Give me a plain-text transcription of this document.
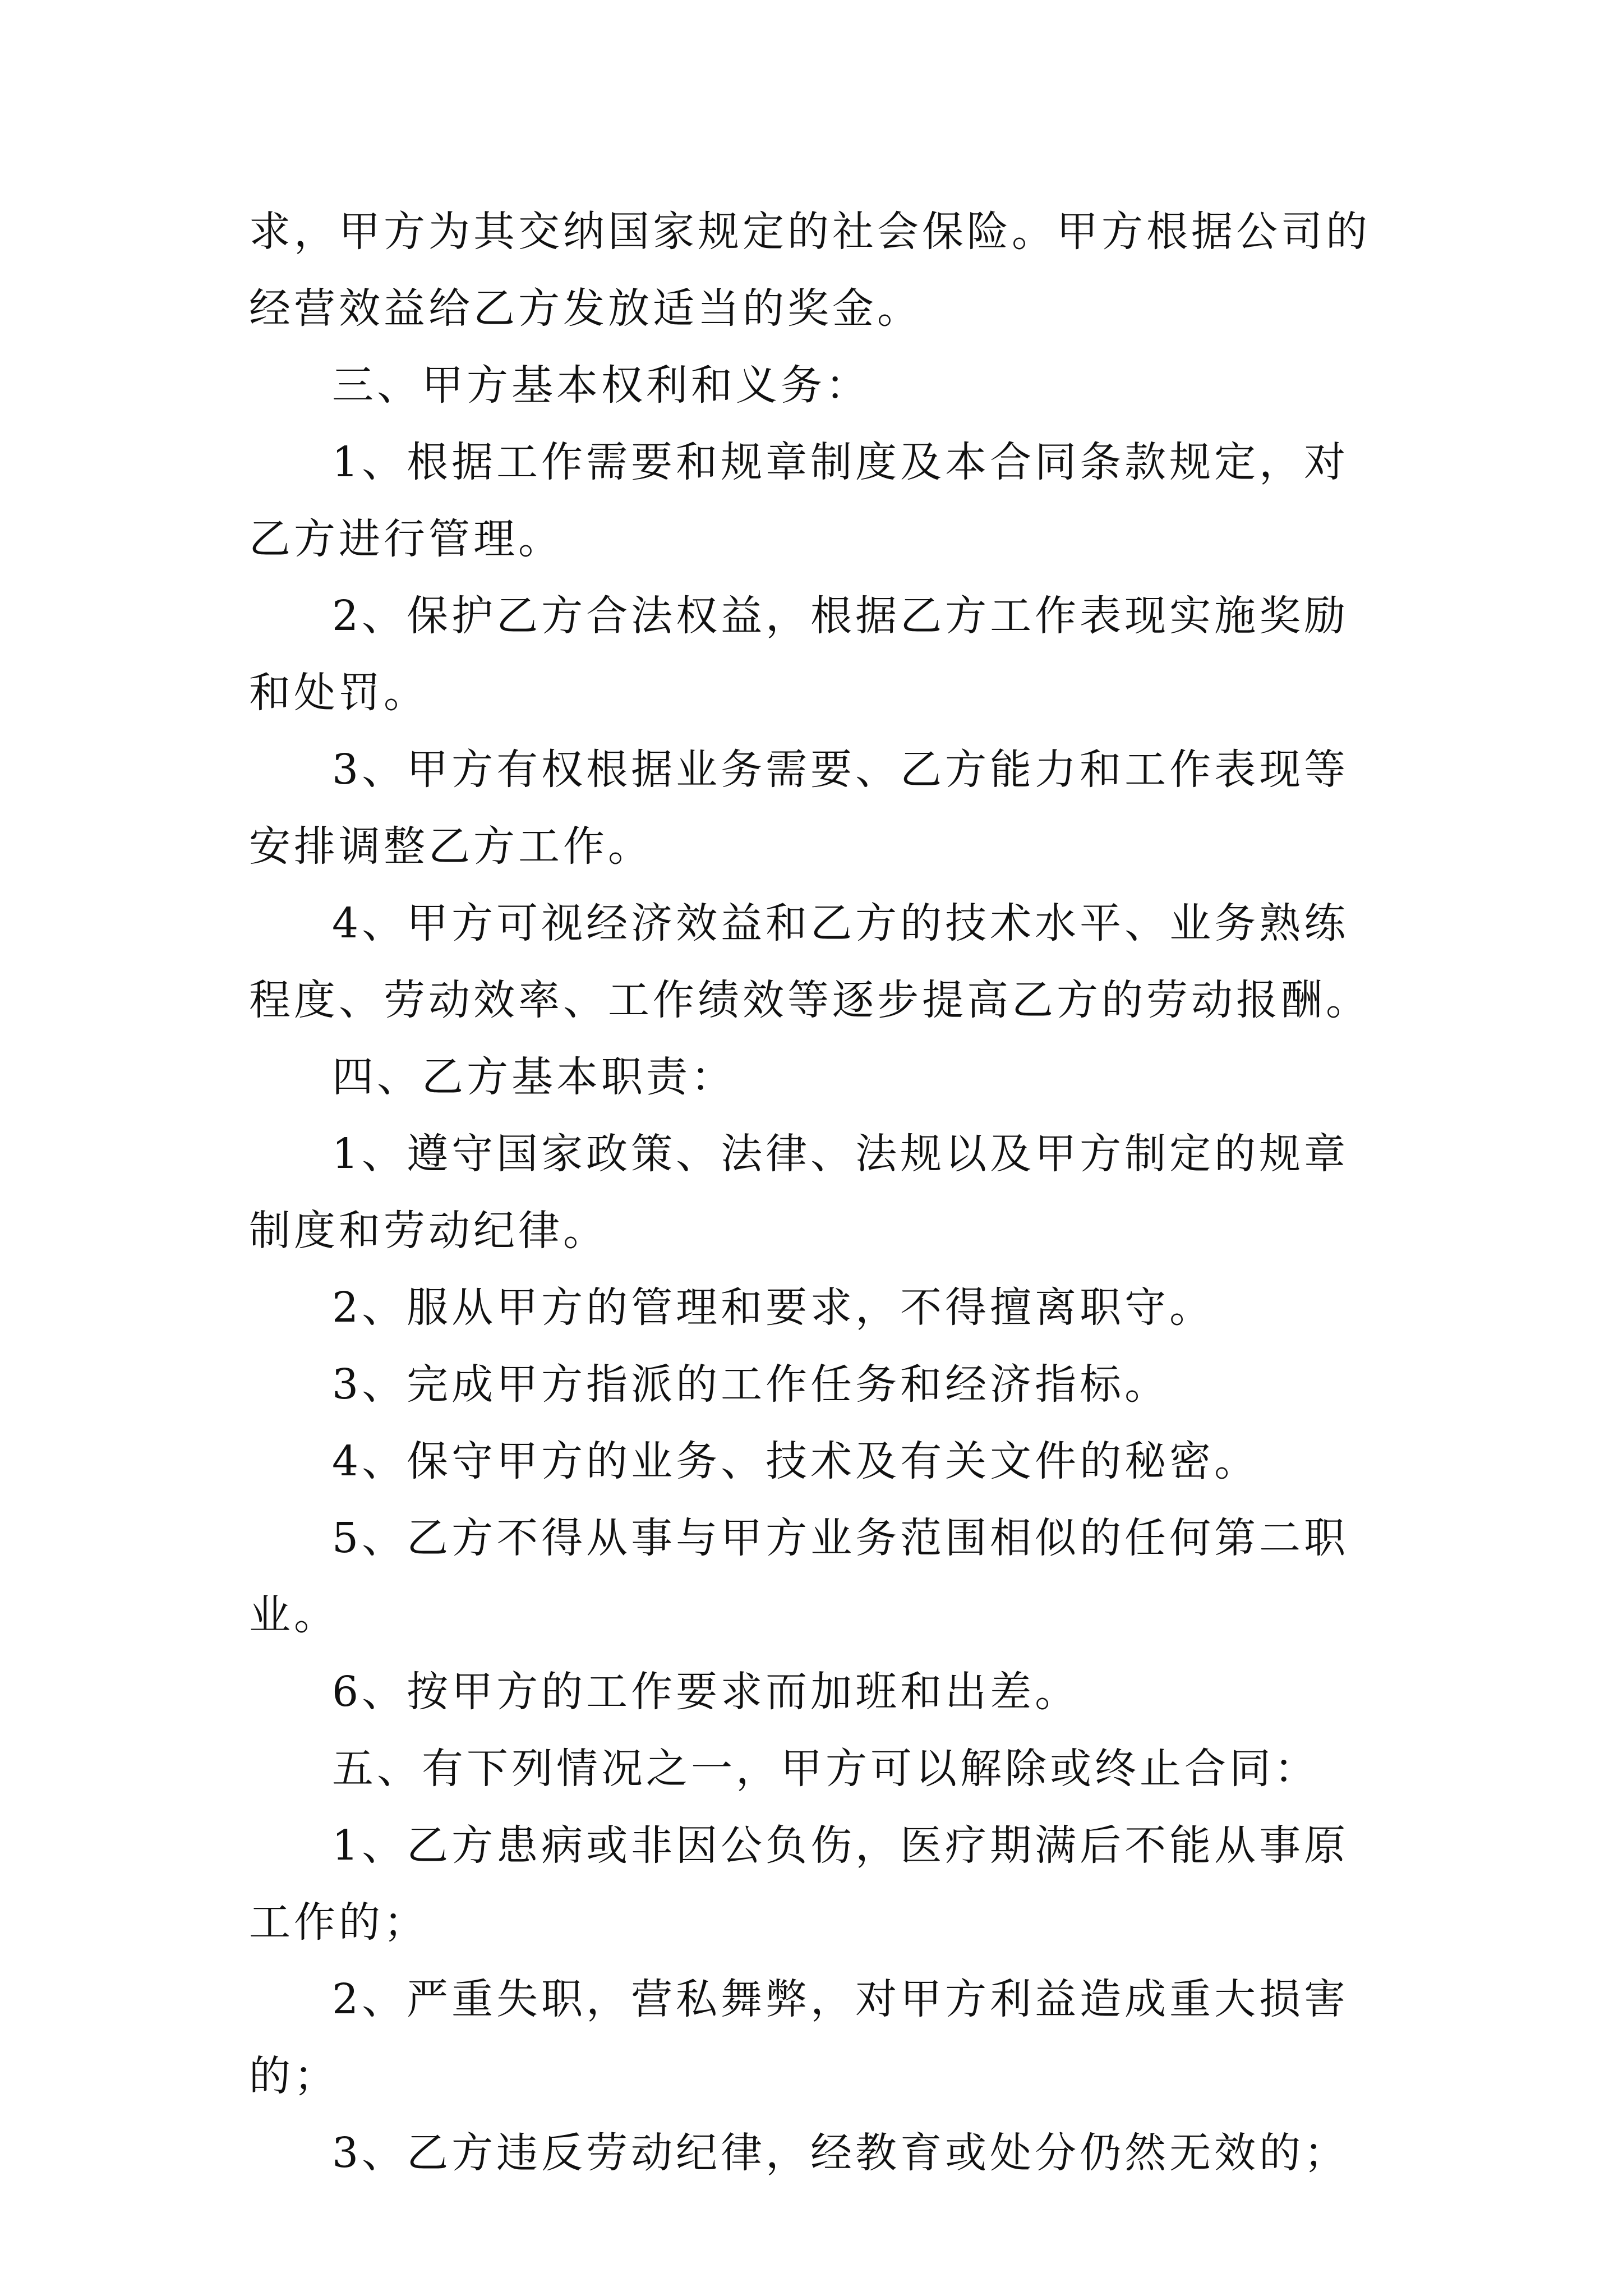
求，甲方为其交纳国家规定的社会保险。甲方根据公司的经营效益给乙方发放适当的奖金。

三、甲方基本权利和义务：

1、根据工作需要和规章制度及本合同条款规定，对乙方进行管理。

2、保护乙方合法权益，根据乙方工作表现实施奖励和处罚。

3、甲方有权根据业务需要、乙方能力和工作表现等安排调整乙方工作。

4、甲方可视经济效益和乙方的技术水平、业务熟练程度、劳动效率、工作绩效等逐步提高乙方的劳动报酬。

四、乙方基本职责：

1、遵守国家政策、法律、法规以及甲方制定的规章制度和劳动纪律。

2、服从甲方的管理和要求，不得擅离职守。

3、完成甲方指派的工作任务和经济指标。

4、保守甲方的业务、技术及有关文件的秘密。

5、乙方不得从事与甲方业务范围相似的任何第二职业。

6、按甲方的工作要求而加班和出差。

五、有下列情况之一，甲方可以解除或终止合同：

1、乙方患病或非因公负伤，医疗期满后不能从事原工作的；

2、严重失职，营私舞弊，对甲方利益造成重大损害的；

3、乙方违反劳动纪律，经教育或处分仍然无效的；
